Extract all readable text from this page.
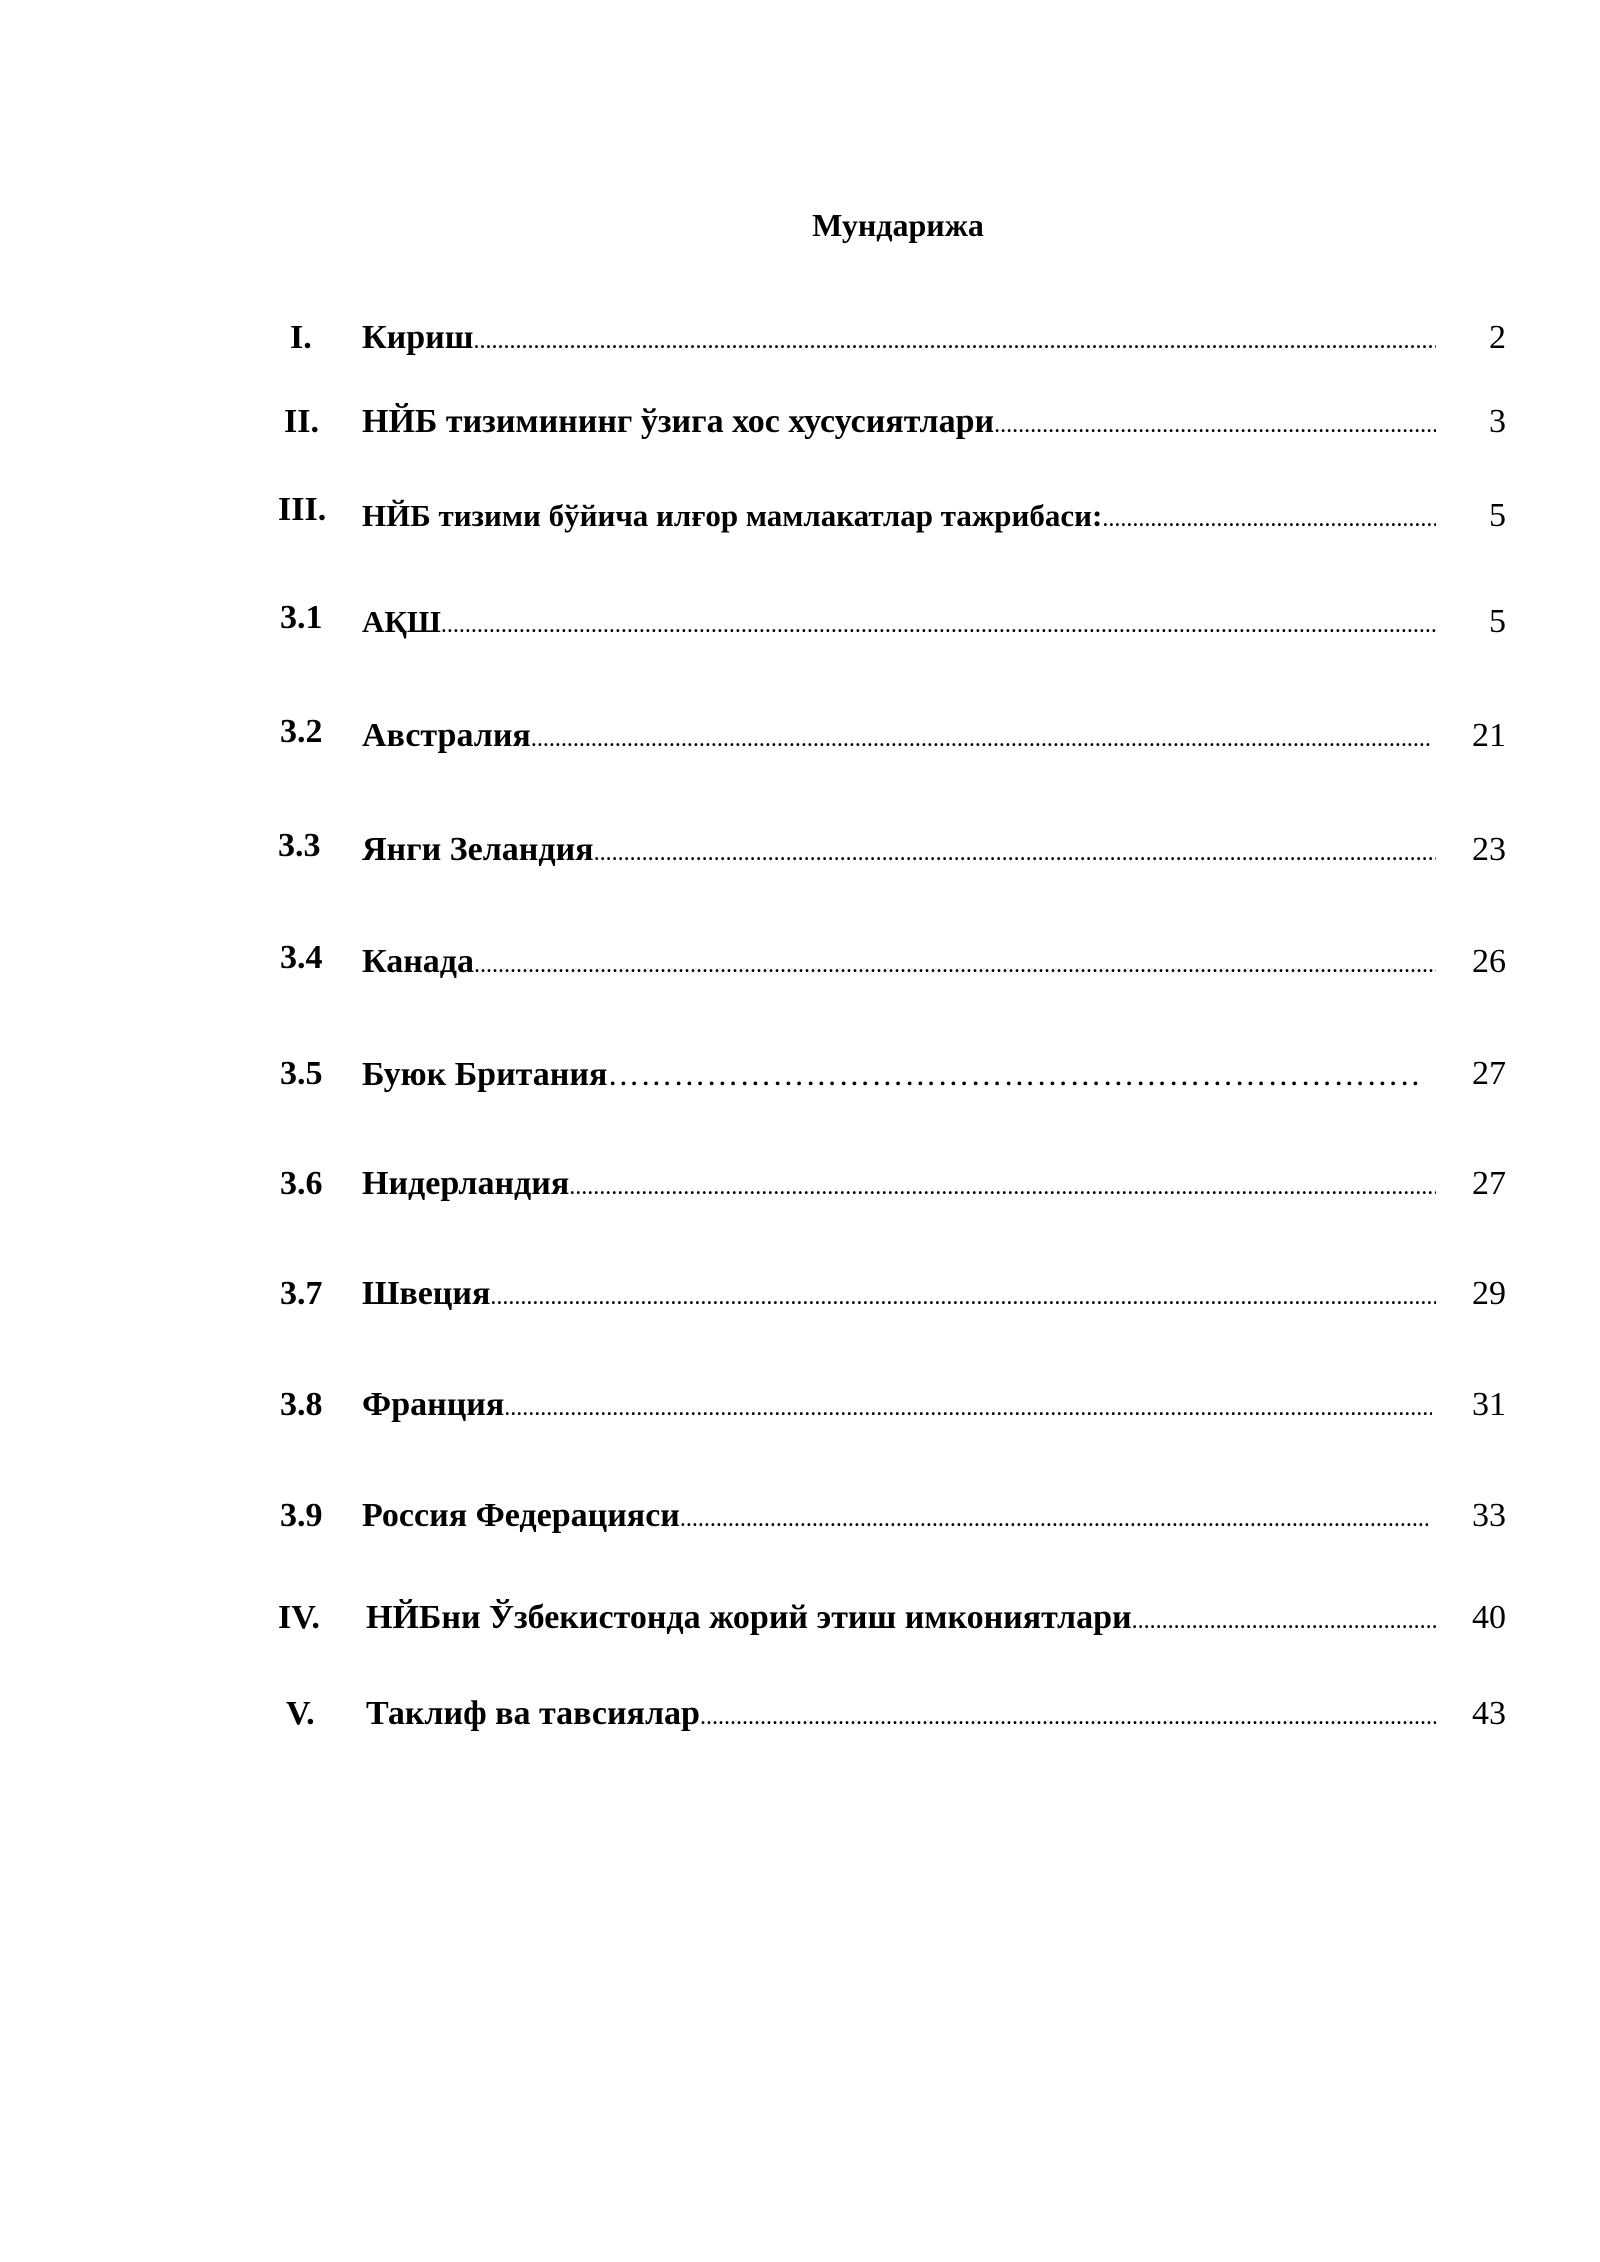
Мундарижа
I. Кириш .....	2
II. НЙБ тизимининг ўзига хос хусусиятлари .....	3
III. НЙБ тизими бўйича илғор мамлакатлар тажрибаси: .....	5
3.1 АҚШ .....	5
3.2 Австралия .....	21
3.3 Янги Зеландия .....	23
3.4 Канада .....	26
3.5 Буюк Британия ………………………………………………………………………………………………………………………	27
3.6 Нидерландия .....	27
3.7 Швеция .....	29
3.8 Франция .....	31
3.9 Россия Федерацияси .....	33
IV. НЙБни Ўзбекистонда жорий этиш имкониятлари .....	40
V. Таклиф ва тавсиялар .....	43
